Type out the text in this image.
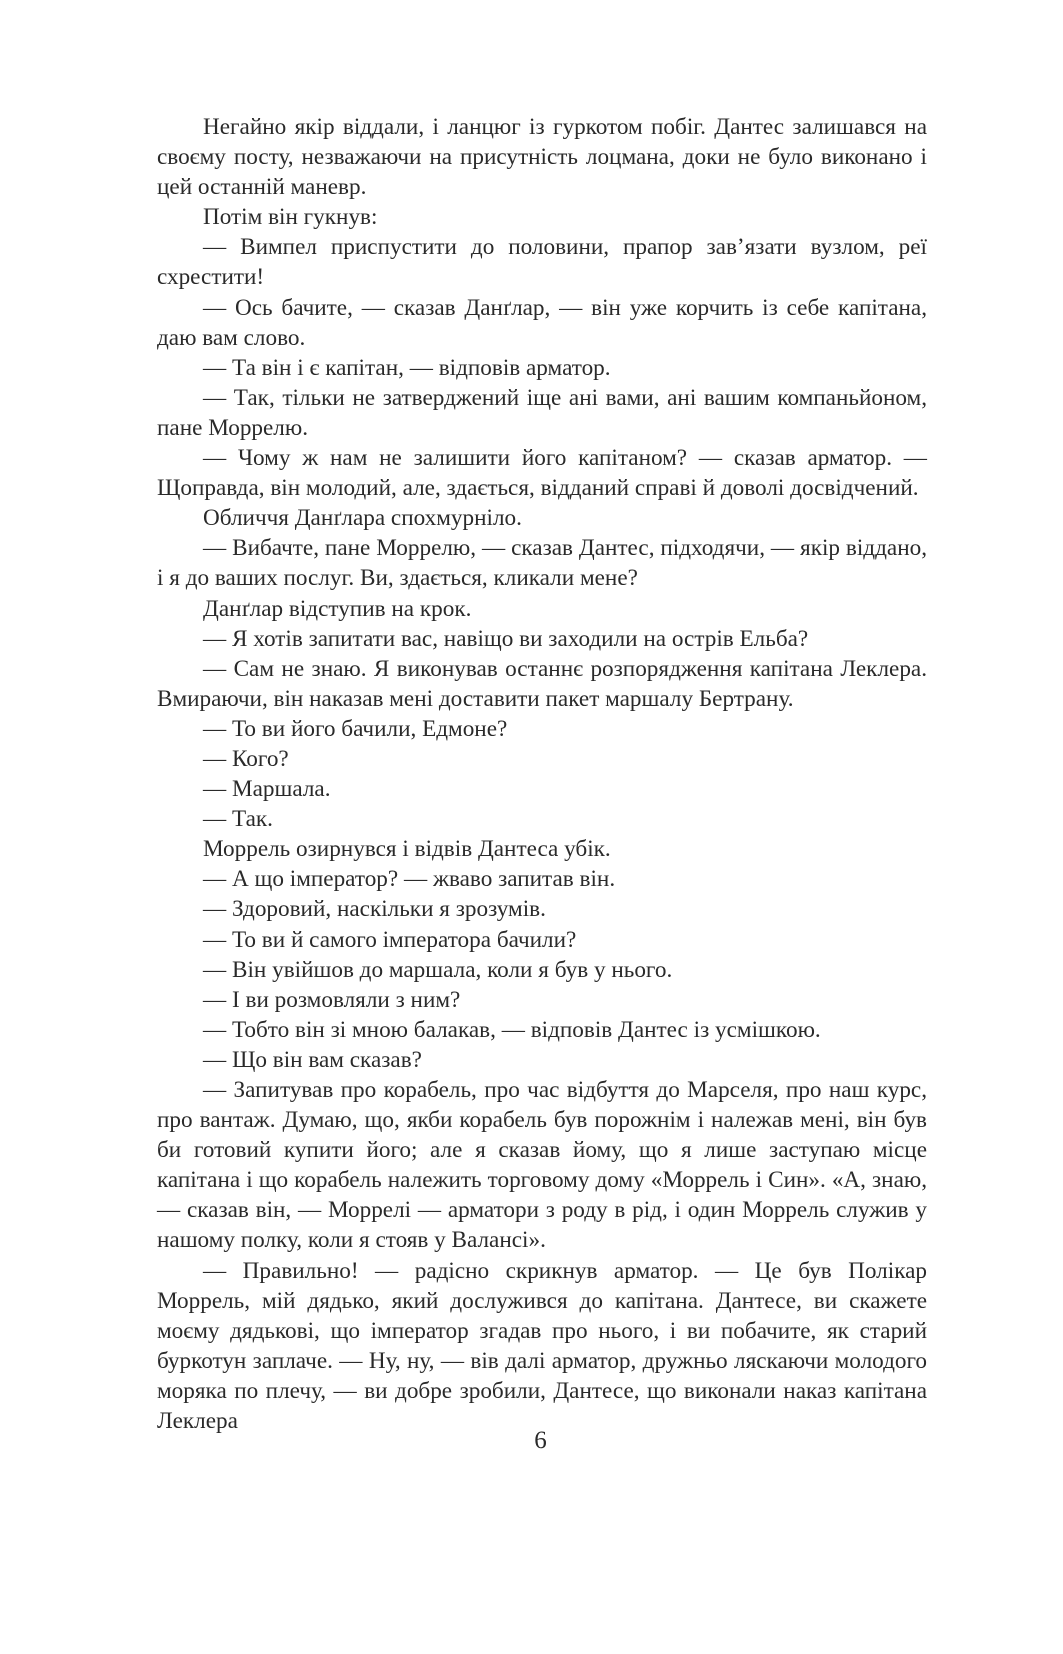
Негайно якір віддали, і ланцюг із гуркотом побіг. Дантес залишався на своєму посту, незважаючи на присутність лоцмана, доки не було виконано і цей останній маневр.

Потім він гукнув:

— Вимпел приспустити до половини, прапор зав’язати вузлом, реї схрестити!

— Ось бачите, — сказав Данґлар, — він уже корчить із себе капітана, даю вам слово.

— Та він і є капітан, — відповів арматор.

— Так, тільки не затверджений іще ані вами, ані вашим компаньйоном, пане Моррелю.

— Чому ж нам не залишити його капітаном? — сказав арматор. — Щоправда, він молодий, але, здається, відданий справі й доволі досвідчений.

Обличчя Данґлара спохмурніло.

— Вибачте, пане Моррелю, — сказав Дантес, підходячи, — якір віддано, і я до ваших послуг. Ви, здається, кликали мене?

Данґлар відступив на крок.

— Я хотів запитати вас, навіщо ви заходили на острів Ельба?

— Сам не знаю. Я виконував останнє розпорядження капітана Леклера. Вмираючи, він наказав мені доставити пакет маршалу Бертрану.

— То ви його бачили, Едмоне?

— Кого?

— Маршала.

— Так.

Моррель озирнувся і відвів Дантеса убік.

— А що імператор? — жваво запитав він.

— Здоровий, наскільки я зрозумів.

— То ви й самого імператора бачили?

— Він увійшов до маршала, коли я був у нього.

— І ви розмовляли з ним?

— Тобто він зі мною балакав, — відповів Дантес із усмішкою.

— Що він вам сказав?

— Запитував про корабель, про час відбуття до Марселя, про наш курс, про вантаж. Думаю, що, якби корабель був порожнім і належав мені, він був би готовий купити його; але я сказав йому, що я лише заступаю місце капітана і що корабель належить торговому дому «Моррель і Син». «А, знаю, — сказав він, — Моррелі — арматори з роду в рід, і один Моррель служив у нашому полку, коли я стояв у Валансі».

— Правильно! — радісно скрикнув арматор. — Це був Полікар Моррель, мій дядько, який дослужився до капітана. Дантесе, ви скажете моєму дядькові, що імператор згадав про нього, і ви побачите, як старий буркотун заплаче. — Ну, ну, — вів далі арматор, дружньо ляскаючи молодого моряка по плечу, — ви добре зробили, Дантесе, що виконали наказ капітана Леклера

6
